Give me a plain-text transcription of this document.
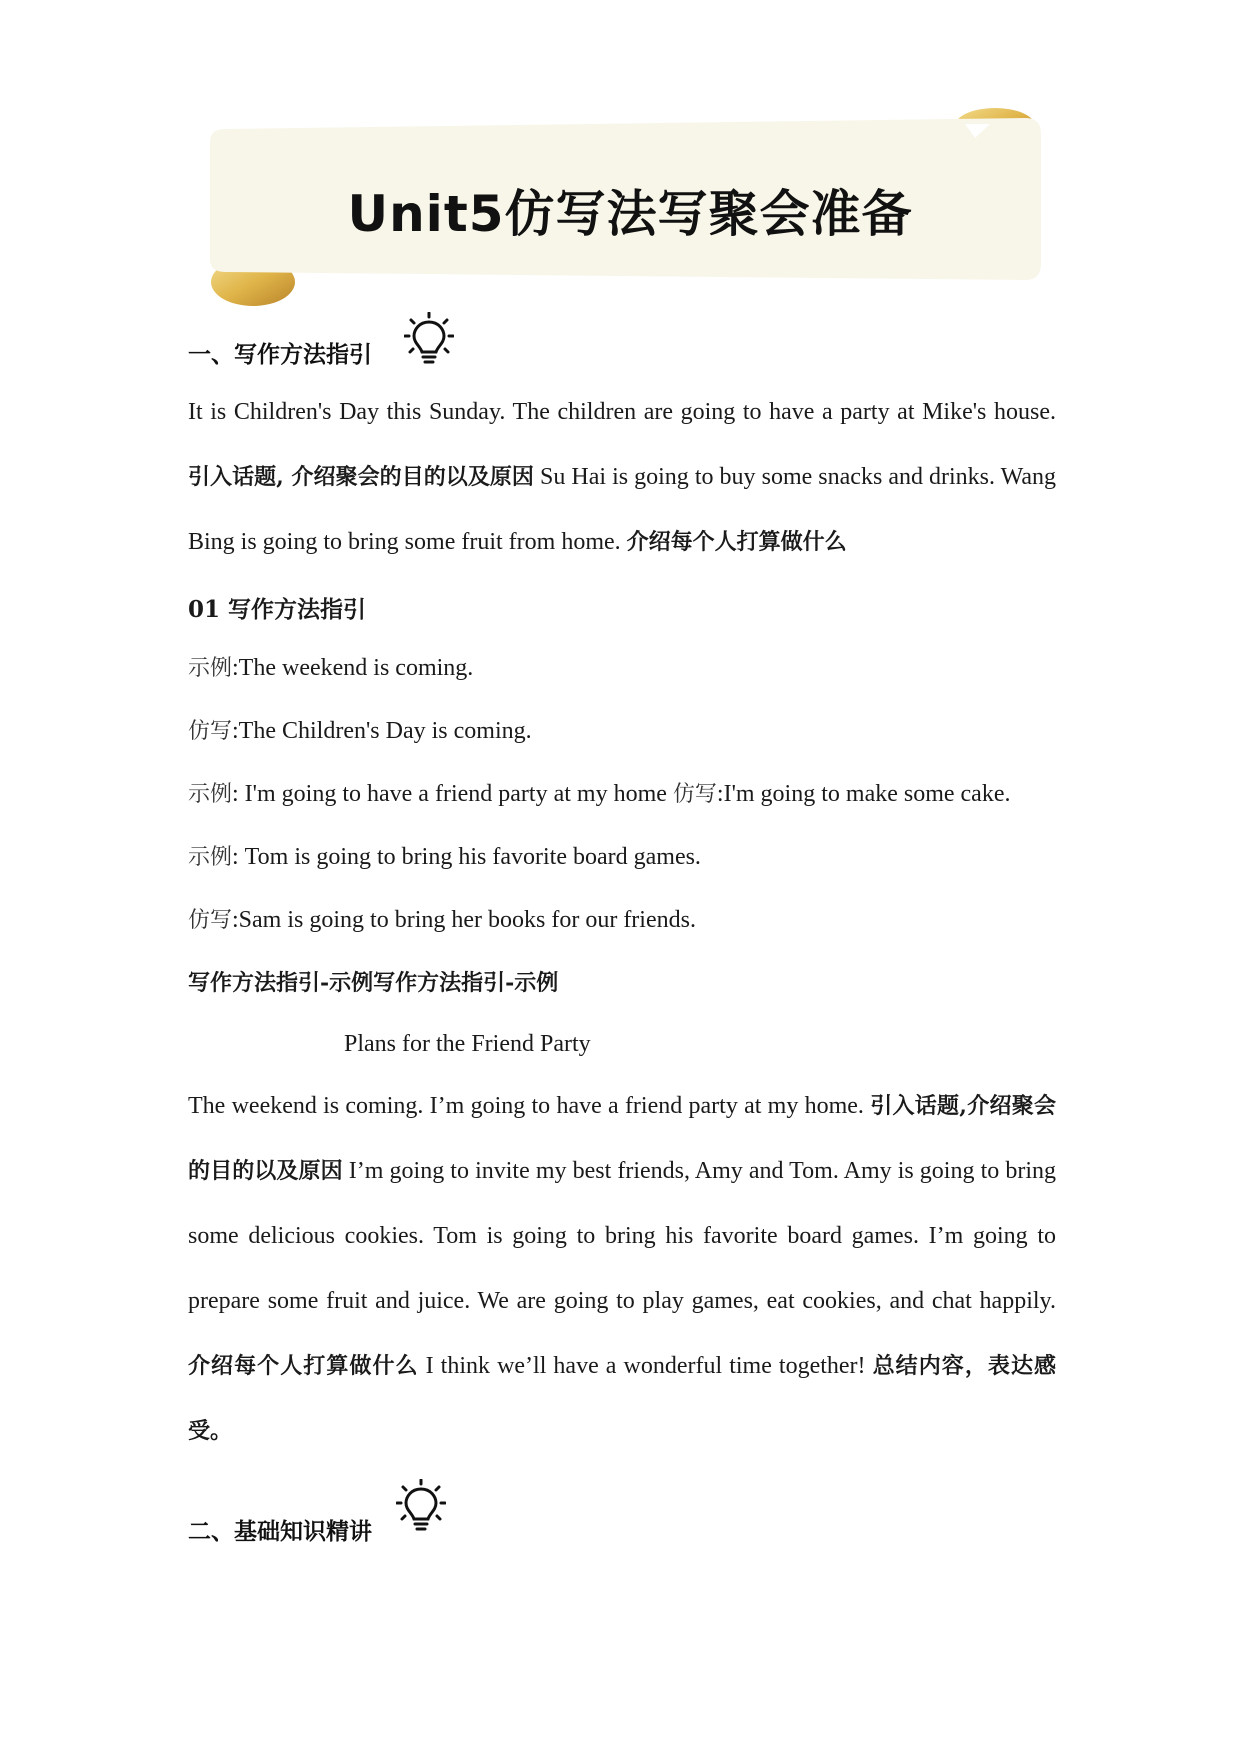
Unit5仿写法写聚会准备
一、写作方法指引
It is Children's Day this Sunday. The children are going to have a party at Mike's house. 引入话题, 介绍聚会的目的以及原因 Su Hai is going to buy some snacks and drinks. Wang Bing is going to bring some fruit from home. 介绍每个人打算做什么
01 写作方法指引
示例:The weekend is coming.
仿写:The Children's Day is coming.
示例: I'm going to have a friend party at my home 仿写:I'm going to make some cake.
示例: Tom is going to bring his favorite board games.
仿写:Sam is going to bring her books for our friends.
写作方法指引-示例写作方法指引-示例
Plans for the Friend Party
The weekend is coming. I’m going to have a friend party at my home. 引入话题,介绍聚会的目的以及原因 I’m going to invite my best friends, Amy and Tom. Amy is going to bring some delicious cookies. Tom is going to bring his favorite board games. I’m going to prepare some fruit and juice. We are going to play games, eat cookies, and chat happily. 介绍每个人打算做什么 I think we’ll have a wonderful time together! 总结内容，表达感受。
二、基础知识精讲
